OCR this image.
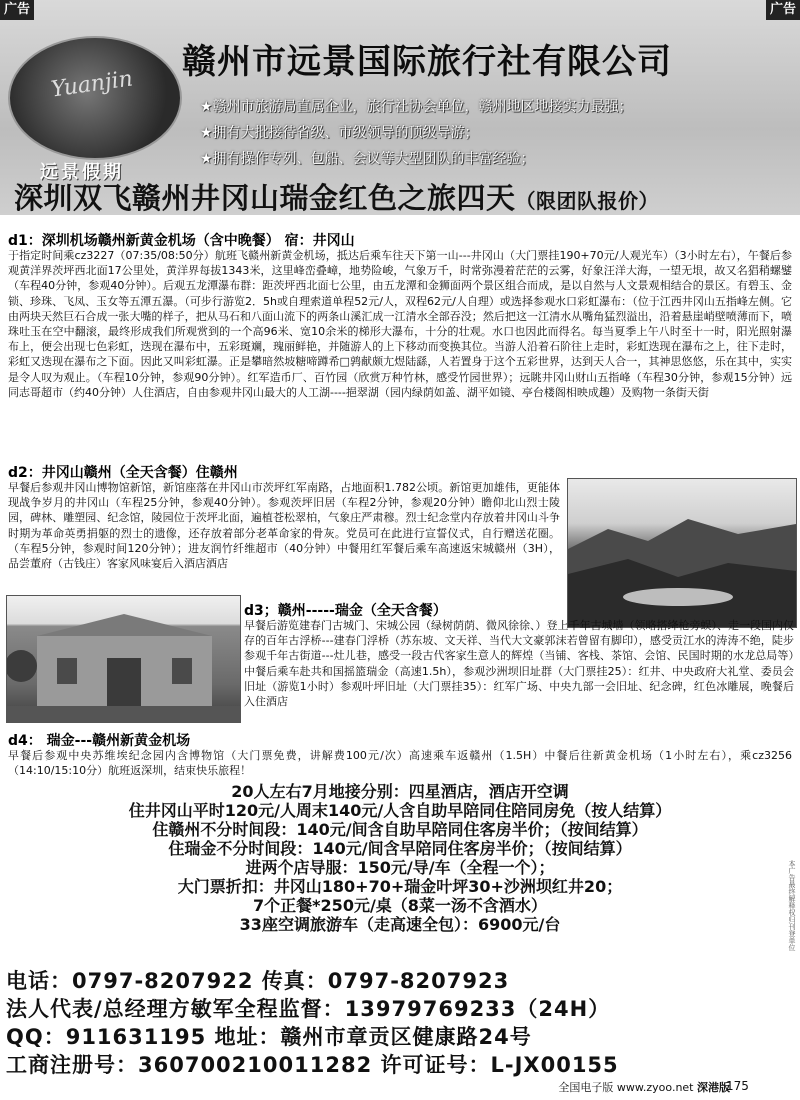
广告	广告
Yuanjin
远景假期
赣州市远景国际旅行社有限公司
★赣州市旅游局直属企业，旅行社协会单位，赣州地区地接实力最强；
★拥有大批接待省级、市级领导的顶级导游；
★拥有操作专列、包船、会议等大型团队的丰富经验；
深圳双飞赣州井冈山瑞金红色之旅四天（限团队报价）
d1：深圳机场赣州新黄金机场（含中晚餐） 宿：井冈山
于指定时间乘cz3227（07:35/08:50分）航班飞赣州新黄金机场，抵达后乘车往天下第一山---井冈山（大门票挂190+70元/人观光车）（3小时左右），午餐后参观黄洋界茨坪西北面17公里处，黄洋界每拔1343米，这里峰峦叠嶂，地势险峻，气象万千，时常弥漫着茫茫的云雾，好象汪洋大海，一望无垠，故又名猖稍螺鐾（车程40分钟，参观40分钟）。后观五龙潭瀑布群：距茨坪西北面七公里，由五龙潭和金狮面两个景区组合而成，是以自然与人文景观相结合的景区。有碧玉、金锁、珍珠、飞凤、玉女等五潭五瀑。（可步行游览2．5h或自理索道单程52元/人，双程62元/人自理）或选择参观水口彩虹瀑布：（位于江西井冈山五指峰左侧。它由两块天然巨石合成一张大嘴的样子，把从马石和八面山流下的两条山溪汇成一江清水全部吞没；然后把这一江清水从嘴角猛烈溢出，沿着悬崖峭壁喷薄而下，喷珠吐玉在空中翻滚，最终形成我们所观赏到的一个高96米、宽10余米的梯形大瀑布，十分的壮观。水口也因此而得名。每当夏季上午八时至十一时，阳光照射瀑布上，便会出现七色彩虹，迭现在瀑布中，五彩斑斓，瑰丽鲜艳，并随游人的上下移动而变换其位。当游人沿着石阶往上走时，彩虹迭现在瀑布之上，往下走时，彩虹又迭现在瀑布之下面。因此又叫彩虹瀑。正是攀暗然坡糖啼蹲希□鹑献颇尢煜陆繇，人若置身于这个五彩世界，达到天人合一，其神思悠悠，乐在其中，实实是令人叹为观止。（车程10分钟，参观90分钟）。红军造币厂、百竹园（欣赏万种竹林，感受竹园世界）；远眺井冈山财山五指峰（车程30分钟，参观15分钟）远同志哥超市（约40分钟）人住酒店，自由参观井冈山最大的人工湖----挹翠湖（园内绿荫如盖、湖平如镜、亭台楼阁相映成趣）及购物一条街天街
d2：井冈山赣州（全天含餐）住赣州
早餐后参观井冈山博物馆新馆，新馆座落在井冈山市茨坪红军南路，占地面积1.782公顷。新馆更加雄伟，更能体现战争岁月的井冈山（车程25分钟，参观40分钟）。参观茨坪旧居（车程2分钟，参观20分钟）瞻仰北山烈士陵园，碑林、雕塑园、纪念馆，陵园位于茨坪北面，遍植苍松翠柏，气象庄严肃穆。烈士纪念堂内存放着井冈山斗争时期为革命英勇捐躯的烈士的遗像，还存放着部分老革命家的骨灰。党员可在此进行宣誓仪式，自行赠送花圈。（车程5分钟，参观时间120分钟）；进友润竹纤维超市（40分钟）中餐用红军餐后乘车高速返宋城赣州（3H），品尝董府（古钱庄）客家风味宴后入酒店酒店
d3；赣州-----瑞金（全天含餐）
早餐后游览建春门古城门、宋城公园（绿树荫荫、微风徐徐、）登上千年古城墙（领略搭绛枪旁蜈）、走一段国内仅存的百年古浮桥---建春门浮桥（苏东坡、文天祥、当代大文豪郭沫若曾留有脚印），感受贡江水的涛涛不绝，陡步参观千年古街道---灶儿巷，感受一段古代客家生意人的辉煌（当铺、客栈、茶馆、会馆、民国时期的水龙总局等）中餐后乘车赴共和国摇篮瑞金（高速1.5h），参观沙洲坝旧址群（大门票挂25）：红井、中央政府大礼堂、委员会旧址（游览1小时）参观叶坪旧址（大门票挂35）：红军广场、中央九部一会旧址、纪念碑，红色冰雕展，晚餐后入住酒店
d4： 瑞金---赣州新黄金机场
早餐后参观中央苏维埃纪念园内含博物馆（大门票免费，讲解费100元/次）高速乘车返赣州（1.5H）中餐后往新黄金机场（1小时左右），乘cz3256（14:10/15:10分）航班返深圳，结束快乐旅程！
20人左右7月地接分别：四星酒店，酒店开空调
住井冈山平时120元/人周末140元/人含自助早陪同住陪同房免（按人结算）
住赣州不分时间段：140元/间含自助早陪同住客房半价；（按间结算）
住瑞金不分时间段：140元/间含早陪同住客房半价；（按间结算）
进两个店导服：150元/导/车（全程一个）；
大门票折扣：井冈山180+70+瑞金叶坪30+沙洲坝红井20；
7个正餐*250元/桌（8菜一汤不含酒水）
33座空调旅游车（走高速全包）：6900元/台
电话：0797-8207922 传真：0797-8207923
法人代表/总经理方敏军全程监督：13979769233（24H）
QQ：911631195 地址：赣州市章贡区健康路24号
工商注册号：360700210011282 许可证号：L-JX00155
本广告最终解释权归刊登单位
全国电子版 www.zyoo.net 深港版
175
